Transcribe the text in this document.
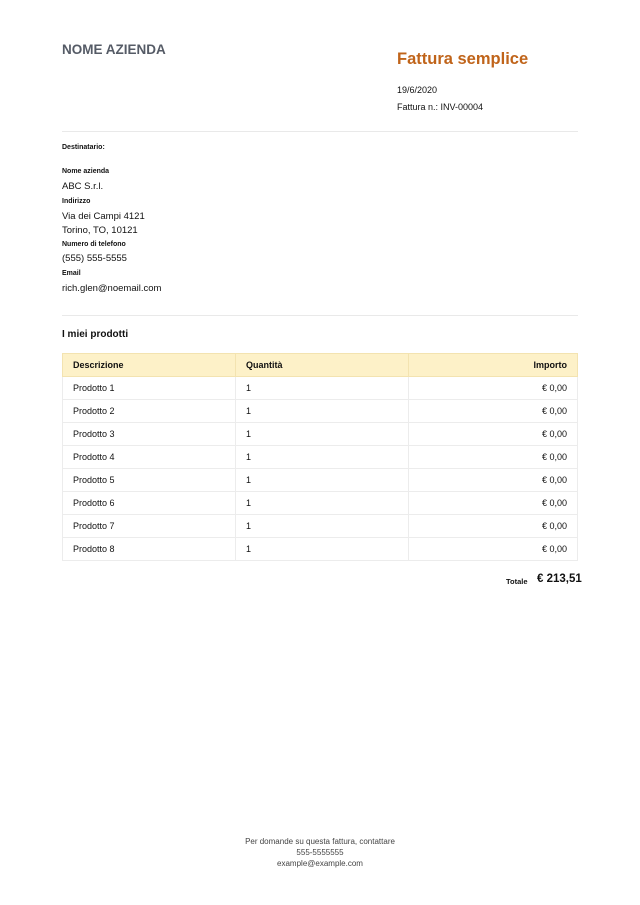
NOME AZIENDA
Fattura semplice
19/6/2020
Fattura n.: INV-00004
Destinatario:
Nome azienda
ABC S.r.l.
Indirizzo
Via dei Campi 4121
Torino, TO, 10121
Numero di telefono
(555) 555-5555
Email
rich.glen@noemail.com
I miei prodotti
Descrizione	Quantità	Importo
Prodotto 1	1	€ 0,00
Prodotto 2	1	€ 0,00
Prodotto 3	1	€ 0,00
Prodotto 4	1	€ 0,00
Prodotto 5	1	€ 0,00
Prodotto 6	1	€ 0,00
Prodotto 7	1	€ 0,00
Prodotto 8	1	€ 0,00
Totale € 213,51
Per domande su questa fattura, contattare
555-5555555
example@example.com
